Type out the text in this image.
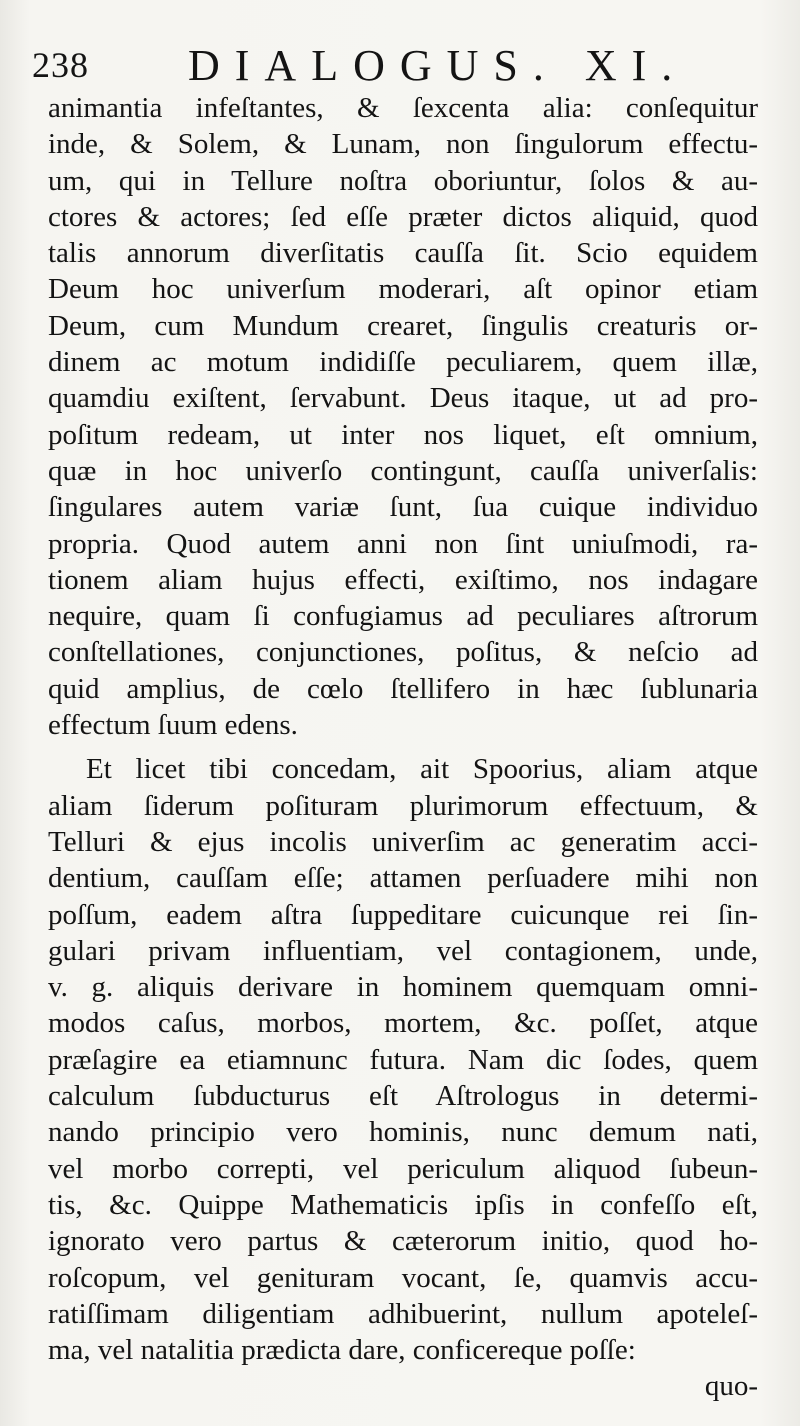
238 DIALOGUS. XI.
animantia infeſtantes, & ſexcenta alia: conſequitur
inde, & Solem, & Lunam, non ſingulorum effectu-
um, qui in Tellure noſtra oboriuntur, ſolos & au-
ctores & actores; ſed eſſe præter dictos aliquid, quod
talis annorum diverſitatis cauſſa ſit. Scio equidem
Deum hoc univerſum moderari, aſt opinor etiam
Deum, cum Mundum crearet, ſingulis creaturis or-
dinem ac motum indidiſſe peculiarem, quem illæ,
quamdiu exiſtent, ſervabunt. Deus itaque, ut ad pro-
poſitum redeam, ut inter nos liquet, eſt omnium,
quæ in hoc univerſo contingunt, cauſſa univerſalis:
ſingulares autem variæ ſunt, ſua cuique individuo
propria. Quod autem anni non ſint uniuſmodi, ra-
tionem aliam hujus effecti, exiſtimo, nos indagare
nequire, quam ſi confugiamus ad peculiares aſtrorum
conſtellationes, conjunctiones, poſitus, & neſcio ad
quid amplius, de cœlo ſtellifero in hæc ſublunaria
effectum ſuum edens.
Et licet tibi concedam, ait Spoorius, aliam atque
aliam ſiderum poſituram plurimorum effectuum, &
Telluri & ejus incolis univerſim ac generatim acci-
dentium, cauſſam eſſe; attamen perſuadere mihi non
poſſum, eadem aſtra ſuppeditare cuicunque rei ſin-
gulari privam influentiam, vel contagionem, unde,
v. g. aliquis derivare in hominem quemquam omni-
modos caſus, morbos, mortem, &c. poſſet, atque
præſagire ea etiamnunc futura. Nam dic ſodes, quem
calculum ſubducturus eſt Aſtrologus in determi-
nando principio vero hominis, nunc demum nati,
vel morbo correpti, vel periculum aliquod ſubeun-
tis, &c. Quippe Mathematicis ipſis in confeſſo eſt,
ignorato vero partus & cæterorum initio, quod ho-
roſcopum, vel genituram vocant, ſe, quamvis accu-
ratiſſimam diligentiam adhibuerint, nullum apoteleſ-
ma, vel natalitia prædicta dare, conficereque poſſe:
quo-
